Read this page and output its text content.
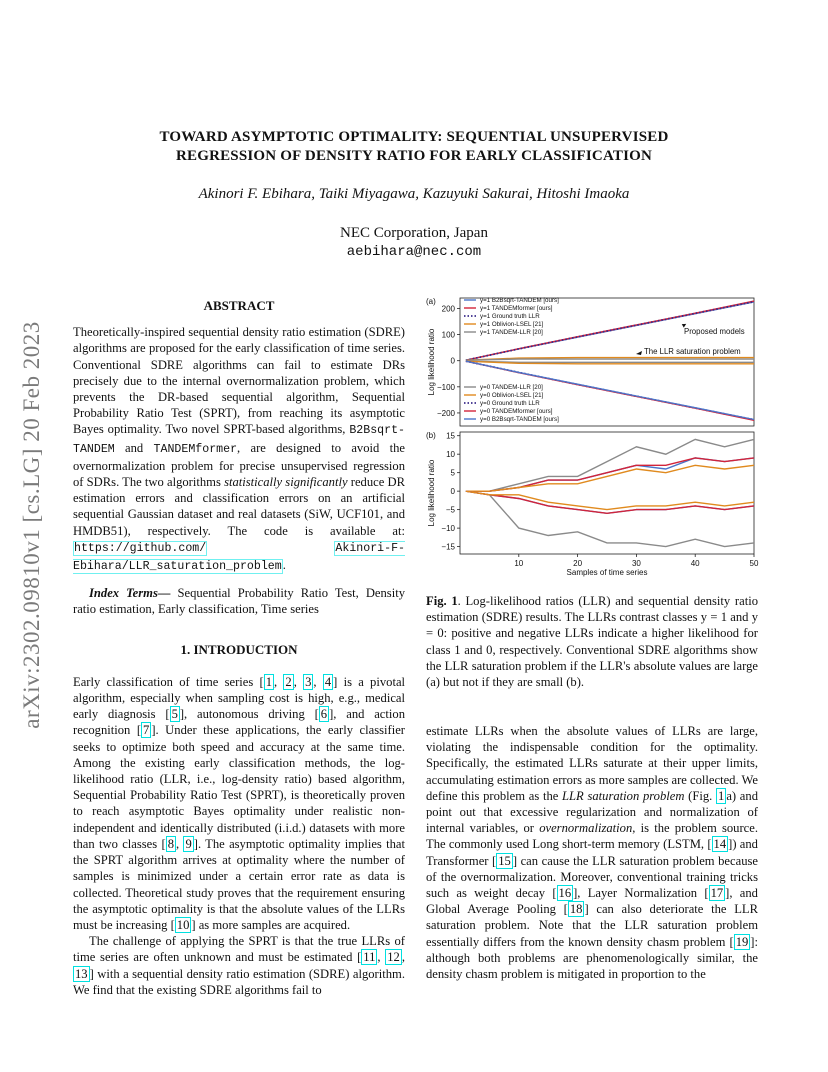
arXiv:2302.09810v1 [cs.LG] 20 Feb 2023
TOWARD ASYMPTOTIC OPTIMALITY: SEQUENTIAL UNSUPERVISED
REGRESSION OF DENSITY RATIO FOR EARLY CLASSIFICATION
Akinori F. Ebihara, Taiki Miyagawa, Kazuyuki Sakurai, Hitoshi Imaoka
NEC Corporation, Japan
aebihara@nec.com
ABSTRACT

Theoretically-inspired sequential density ratio estimation (SDRE) algorithms are proposed for the early classification of time series. Conventional SDRE algorithms can fail to estimate DRs precisely due to the internal overnormalization problem, which prevents the DR-based sequential algorithm, Sequential Probability Ratio Test (SPRT), from reaching its asymptotic Bayes optimality. Two novel SPRT-based algorithms, B2Bsqrt-TANDEM and TANDEMformer, are designed to avoid the overnormalization problem for precise unsupervised regression of SDRs. The two algorithms statistically significantly reduce DR estimation errors and classification errors on an artificial sequential Gaussian dataset and real datasets (SiW, UCF101, and HMDB51), respectively. The code is available at: https://github.com/	Akinori-F-Ebihara/LLR_saturation_problem.

Index Terms— Sequential Probability Ratio Test, Density ratio estimation, Early classification, Time series

1. INTRODUCTION

Early classification of time series [ 1 , 2 , 3 , 4 ] is a pivotal algorithm, especially when sampling cost is high, e.g., medical early diagnosis [ 5 ], autonomous driving [ 6 ], and action recognition [ 7 ]. Under these applications, the early classifier seeks to optimize both speed and accuracy at the same time. Among the existing early classification methods, the log-likelihood ratio (LLR, i.e., log-density ratio) based algorithm, Sequential Probability Ratio Test (SPRT), is theoretically proven to reach asymptotic Bayes optimality under realistic non-independent and identically distributed (i.i.d.) datasets with more than two classes [ 8 , 9 ]. The asymptotic optimality implies that the SPRT algorithm arrives at optimality where the number of samples is minimized under a certain error rate as data is collected. Theoretical study proves that the requirement ensuring the asymptotic optimality is that the absolute values of the LLRs must be increasing [ 10 ] as more samples are acquired.

The challenge of applying the SPRT is that the true LLRs of time series are often unknown and must be estimated [ 11 , 12 , 13 ] with a sequential density ratio estimation (SDRE) algorithm. We find that the existing SDRE algorithms fail to

200
100
0
−100
−200
(a)
Log likelihood ratio
15
10
5
0
−5
−10
−15
10	20	30	40	50
(b)
Log likelihood ratio
y=1 B2Bsqrt-TANDEM [ours]
y=1 TANDEMformer [ours]
y=1 Ground truth LLR
y=1 Oblivion-LSEL [21]
y=1 TANDEM-LLR [20]
y=0 TANDEM-LLR [20]
y=0 Oblivion-LSEL [21]
y=0 Ground truth LLR
y=0 TANDEMformer [ours]
y=0 B2Bsqrt-TANDEM [ours]
Proposed models
The LLR saturation problem
Samples of time series
Fig. 1. Log-likelihood ratios (LLR) and sequential density ratio estimation (SDRE) results. The LLRs contrast classes y = 1 and y = 0: positive and negative LLRs indicate a higher likelihood for class 1 and 0, respectively. Conventional SDRE algorithms show the LLR saturation problem if the LLR's absolute values are large (a) but not if they are small (b).

estimate LLRs when the absolute values of LLRs are large, violating the indispensable condition for the optimality. Specifically, the estimated LLRs saturate at their upper limits, accumulating estimation errors as more samples are collected. We define this problem as the LLR saturation problem (Fig. 1 a) and point out that excessive regularization and normalization of internal variables, or overnormalization, is the problem source. The commonly used Long short-term memory (LSTM, [ 14 ]) and Transformer [ 15 ] can cause the LLR saturation problem because of the overnormalization. Moreover, conventional training tricks such as weight decay [ 16 ], Layer Normalization [ 17 ], and Global Average Pooling [ 18 ] can also deteriorate the LLR saturation problem. Note that the LLR saturation problem essentially differs from the known density chasm problem [ 19 ]: although both problems are phenomenologically similar, the density chasm problem is mitigated in proportion to the
